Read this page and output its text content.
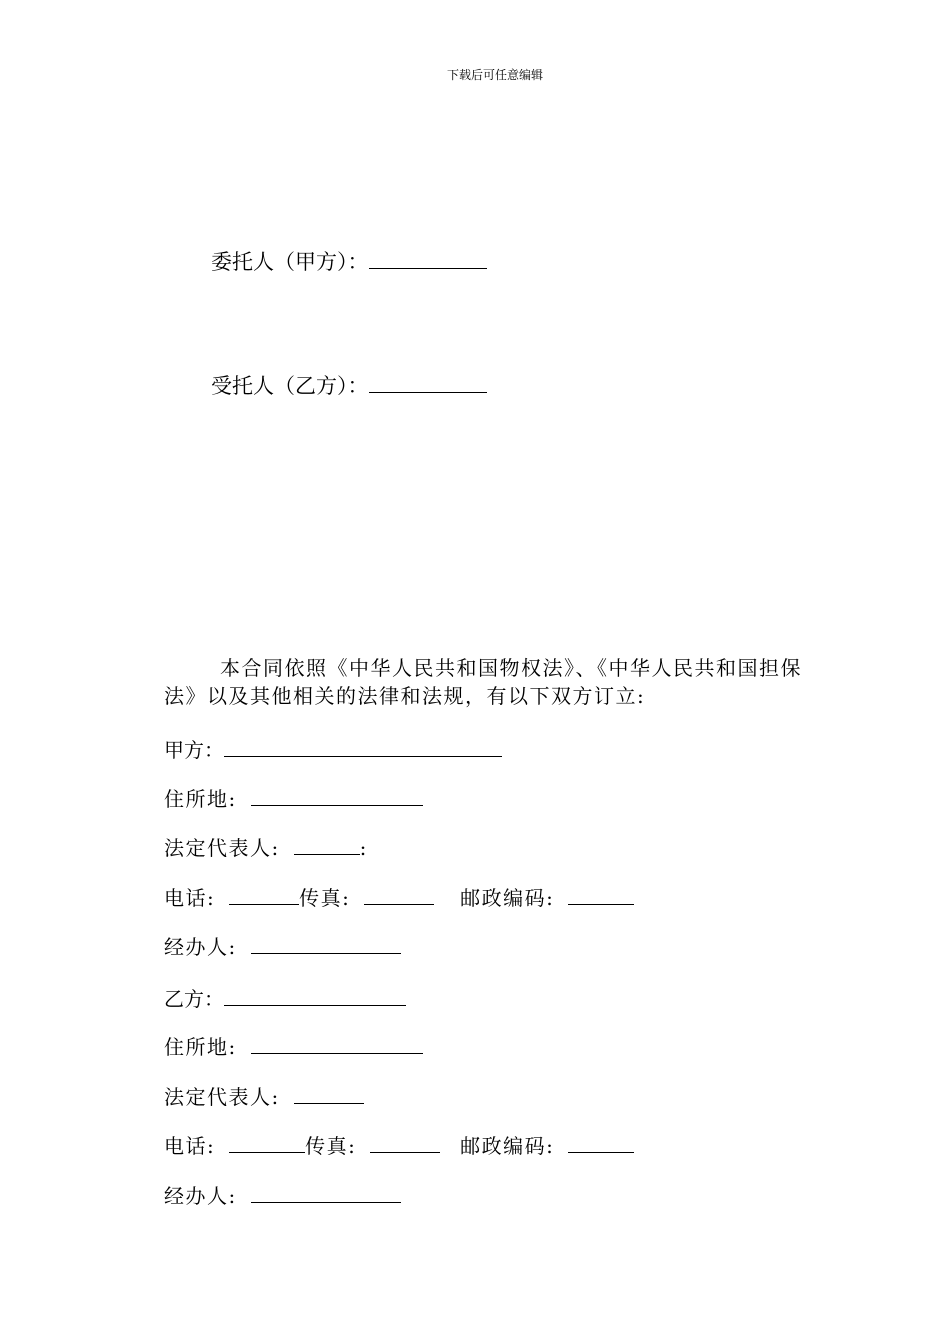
下载后可任意编辑
委托人（甲方）：
受托人（乙方）：
本合同依照《中华人民共和国物权法》、《中华人民共和国担保法》以及其他相关的法律和法规，有以下双方订立:
甲方：
住所地:
法定代表人:	:
电话:	传真:	邮政编码:
经办人:
乙方：
住所地:
法定代表人:
电话:	传真:	邮政编码:
经办人:
